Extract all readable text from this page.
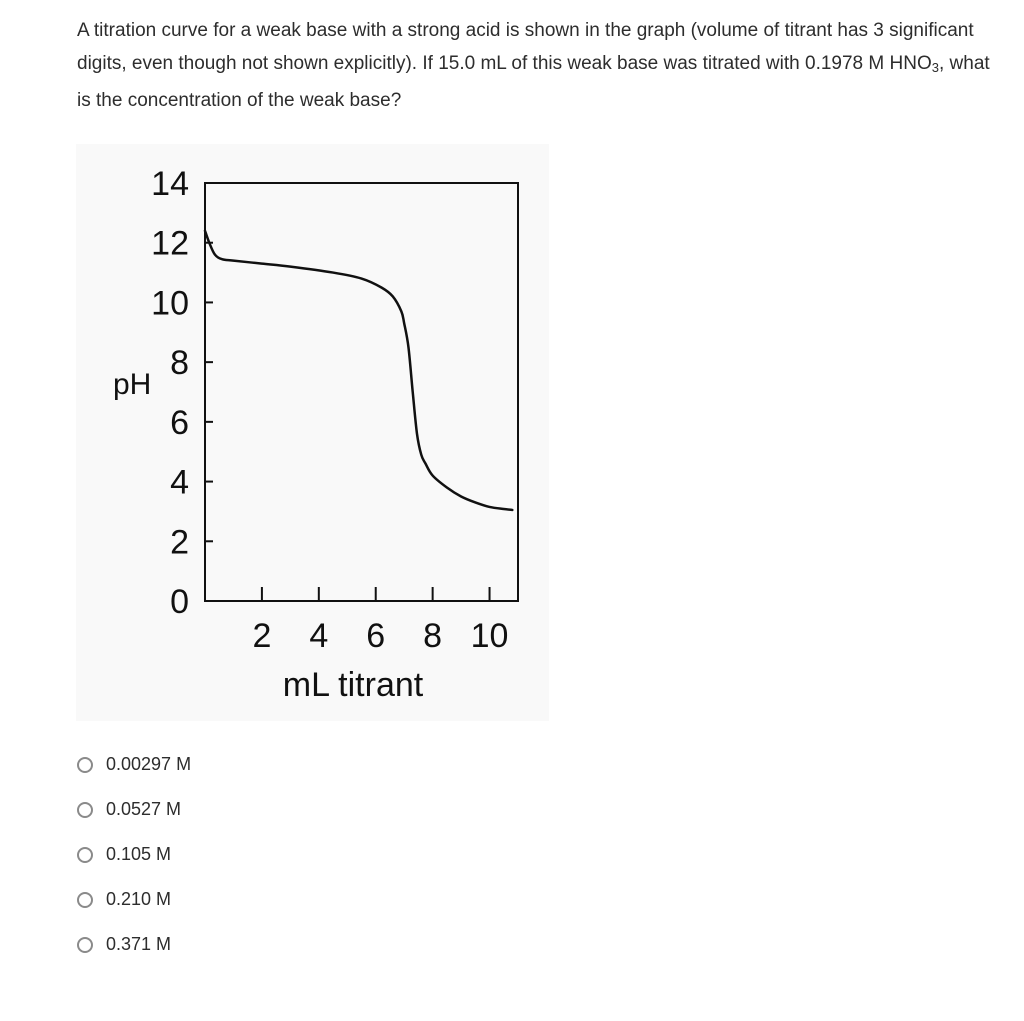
A titration curve for a weak base with a strong acid is shown in the graph (volume of titrant has 3 significant digits, even though not shown explicitly). If 15.0 mL of this weak base was titrated with 0.1978 M $HNO_3$, what is the concentration of the weak base?
0
2
4
6
8
10
12
14
2 4 6 8 10
pH
mL titrant
0.00297 M
0.0527 M
0.105 M
0.210 M
0.371 M
